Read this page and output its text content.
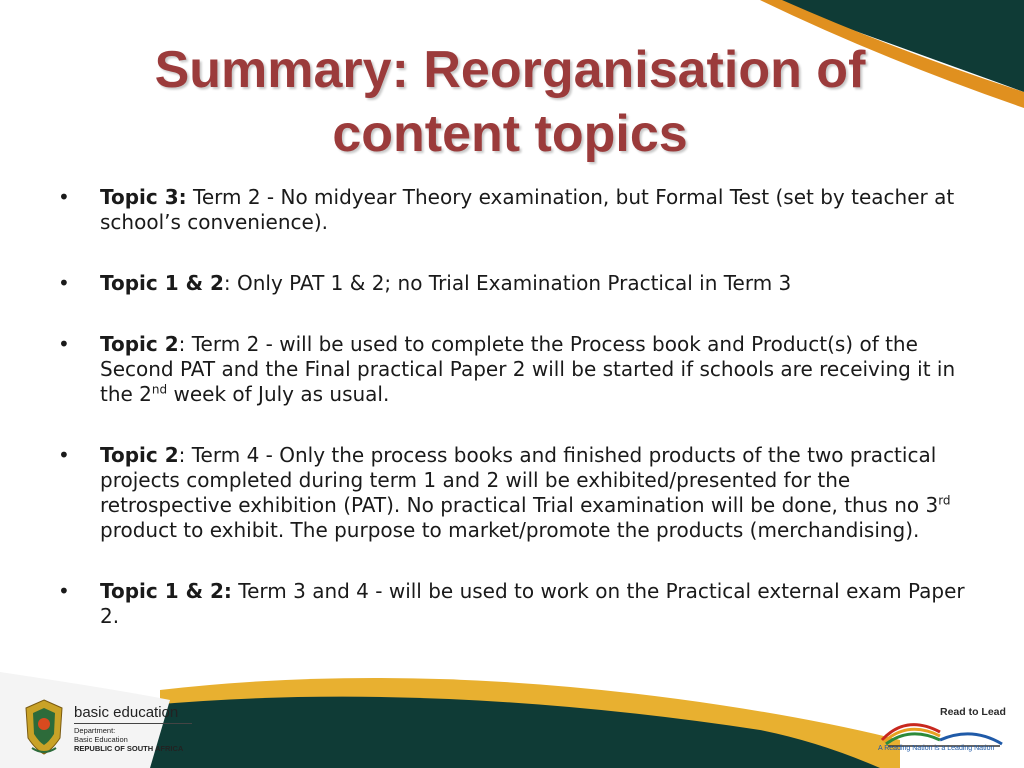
Summary: Reorganisation of content topics
• Topic 3: Term 2 - No midyear Theory examination, but Formal Test (set by teacher at school’s convenience).
• Topic 1 & 2: Only PAT 1 & 2; no Trial Examination Practical in Term 3
• Topic 2: Term 2 - will be used to complete the Process book and Product(s) of the Second PAT and the Final practical Paper 2 will be started if schools are receiving it in the 2nd week of July as usual.
• Topic 2: Term 4 - Only the process books and finished products of the two practical projects completed during term 1 and 2 will be exhibited/presented for the retrospective exhibition (PAT). No practical Trial examination will be done, thus no 3rd product to exhibit. The purpose to market/promote the products (merchandising).
• Topic 1 & 2: Term 3 and 4 - will be used to work on the Practical external exam Paper 2.
basic education
Department:
Basic Education
REPUBLIC OF SOUTH AFRICA
Read to Lead
A Reading Nation is a Leading Nation
